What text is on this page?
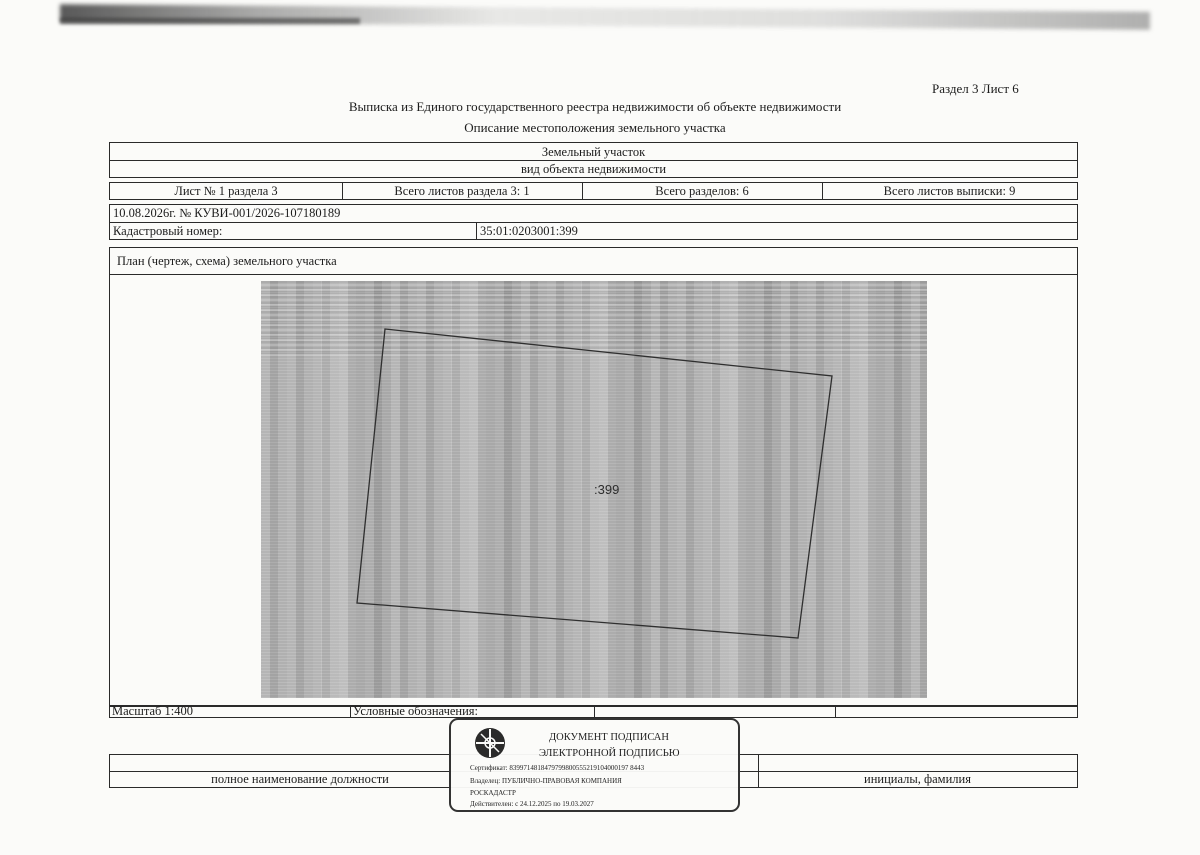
Раздел 3 Лист 6
Выписка из Единого государственного реестра недвижимости об объекте недвижимости
Описание местоположения земельного участка
Земельный участок
вид объекта недвижимости
Лист № 1 раздела 3	Всего листов раздела 3: 1	Всего разделов: 6	Всего листов выписки: 9
10.08.2026г. № КУВИ-001/2026-107180189
Кадастровый номер:	35:01:0203001:399
План (чертеж, схема) земельного участка
:399
Масштаб 1:400	Условные обозначения:
полное наименование должности	инициалы, фамилия
ДОКУМЕНТ ПОДПИСАН
ЭЛЕКТРОННОЙ ПОДПИСЬЮ
Сертификат: 8399714818479799800555219104000197 8443
Владелец: ПУБЛИЧНО-ПРАВОВАЯ КОМПАНИЯ
РОСКАДАСТР
Действителен: с 24.12.2025 по 19.03.2027
